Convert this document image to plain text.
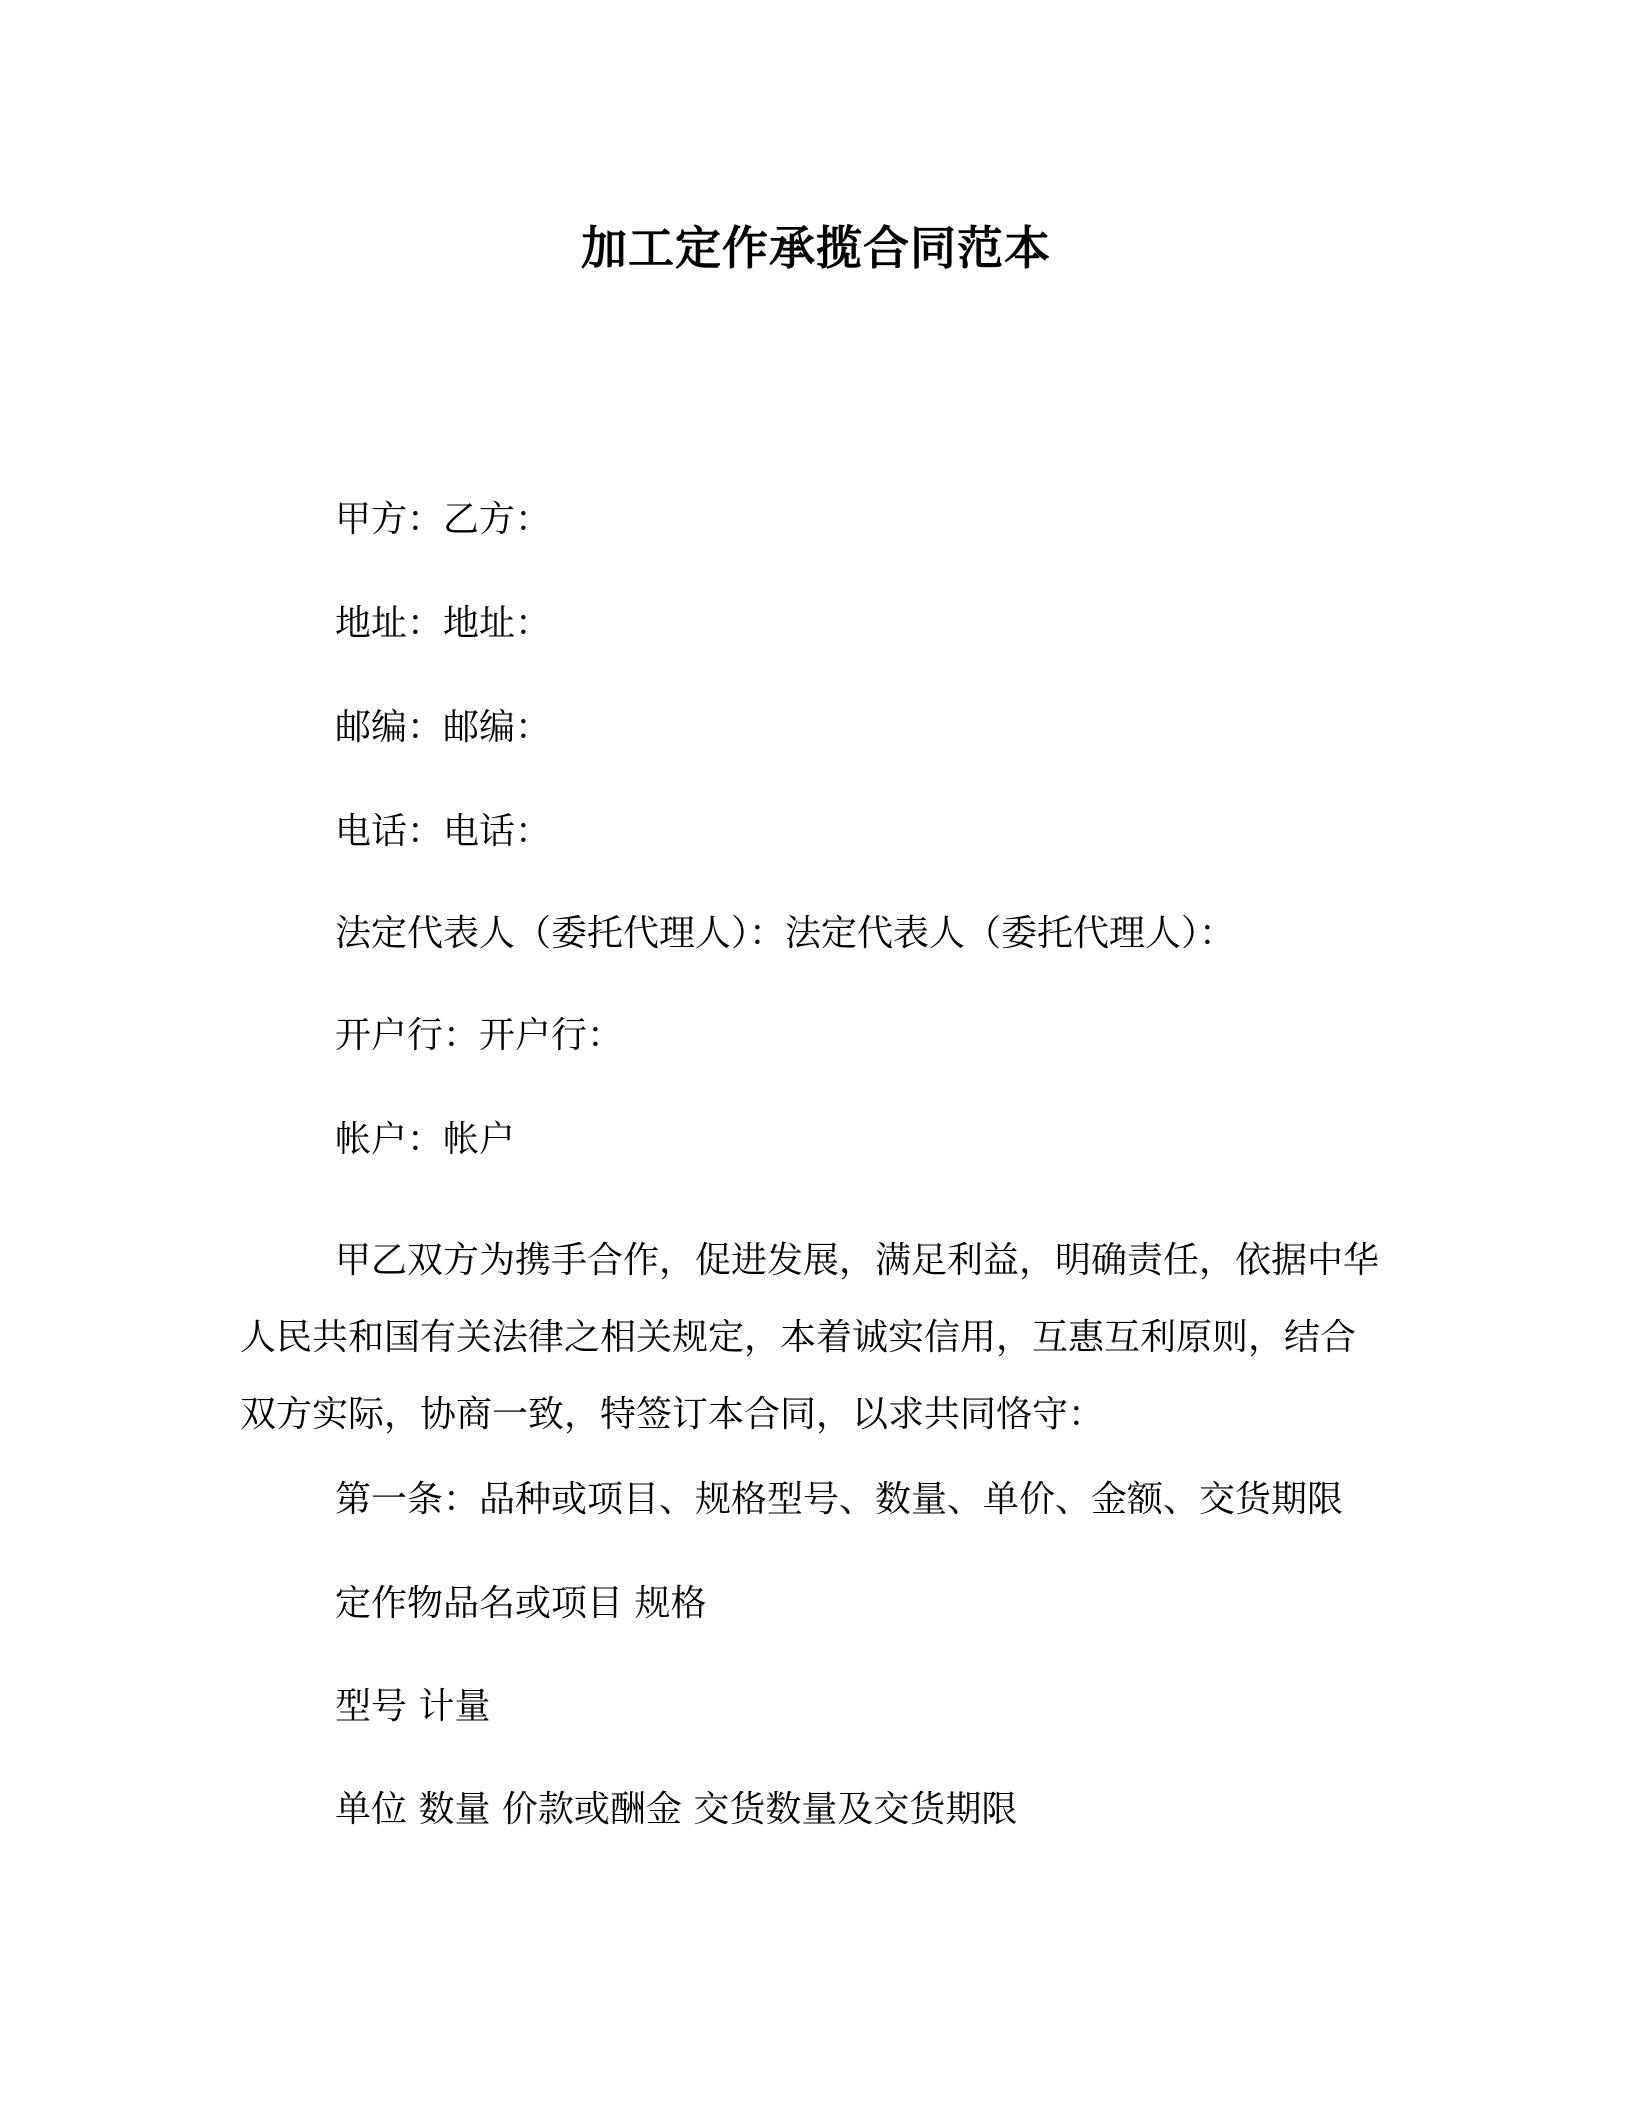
加工定作承揽合同范本
甲方：乙方：
地址：地址：
邮编：邮编：
电话：电话：
法定代表人（委托代理人）：法定代表人（委托代理人）：
开户行：开户行：
帐户：帐户

甲乙双方为携手合作，促进发展，满足利益，明确责任，依据中华人民共和国有关法律之相关规定，本着诚实信用，互惠互利原则，结合双方实际，协商一致，特签订本合同，以求共同恪守：

第一条：品种或项目、规格型号、数量、单价、金额、交货期限
定作物品名或项目 规格
型号 计量
单位 数量 价款或酬金 交货数量及交货期限
